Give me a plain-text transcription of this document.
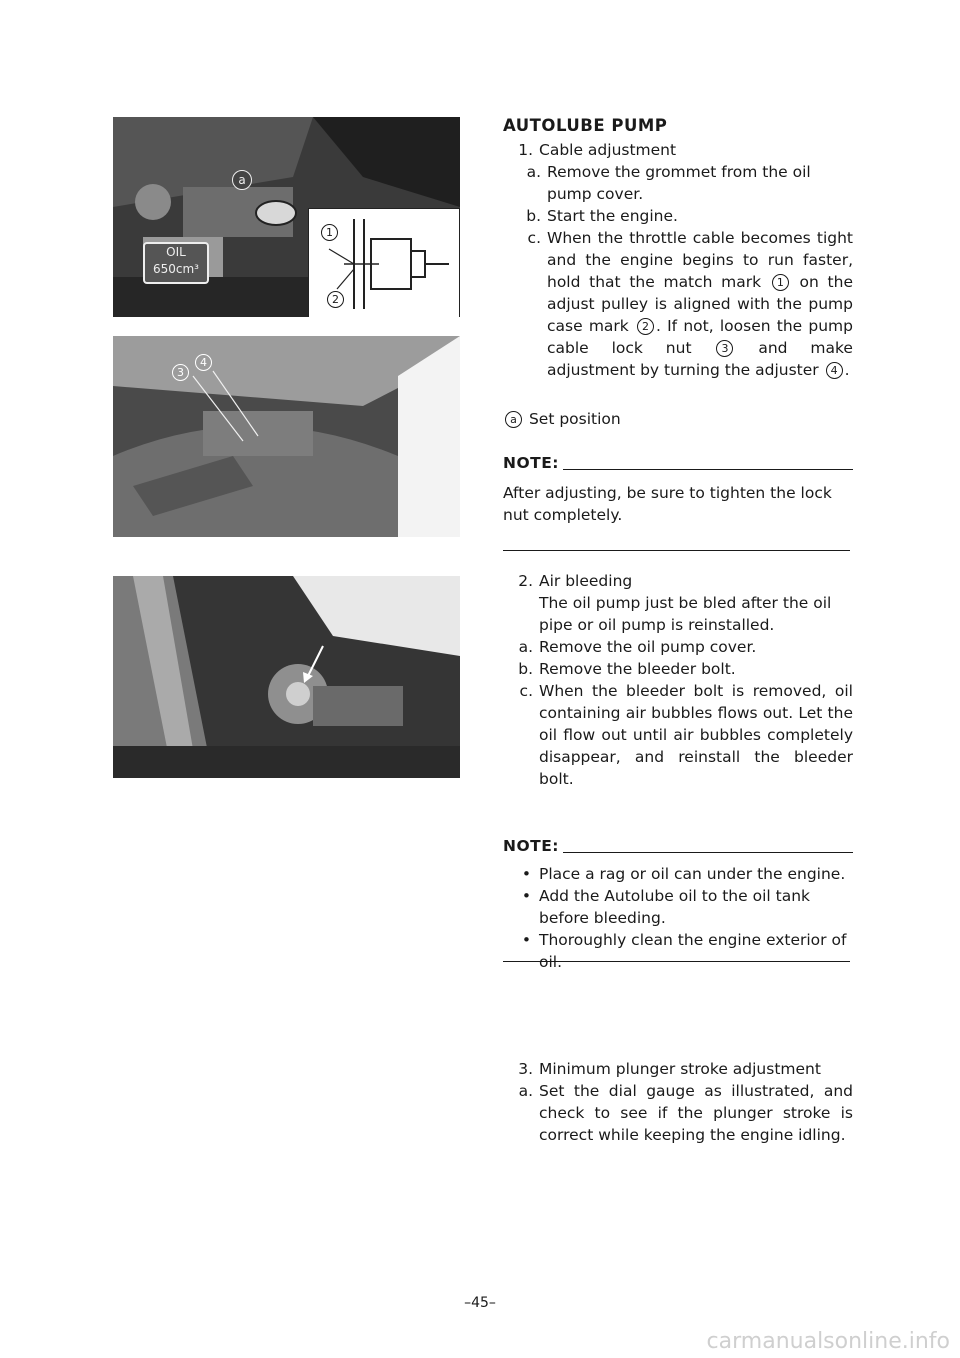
OIL
650cm³
a
1
2
3
4
AUTOLUBE PUMP
1. Cable adjustment
a. Remove the grommet from the oil pump cover.
b. Start the engine.
c. When the throttle cable becomes tight and the engine begins to run faster, hold that the match mark 1 on the adjust pulley is aligned with the pump case mark 2 . If not, loosen the pump cable lock nut	3 and make adjustment by turning the adjuster 4 .
a Set position
NOTE:
After adjusting, be sure to tighten the lock nut completely.
2. Air bleeding
The oil pump just be bled after the oil pipe or oil pump is reinstalled.
a. Remove the oil pump cover.
b. Remove the bleeder bolt.
c. When the bleeder bolt is removed, oil containing air bubbles flows out. Let the oil flow out until air bubbles completely disappear, and reinstall the bleeder bolt.
NOTE:
• Place a rag or oil can under the engine.
• Add the Autolube oil to the oil tank before bleeding.
• Thoroughly clean the engine exterior of oil.
3. Minimum plunger stroke adjustment
a. Set the dial gauge as illustrated, and check to see if the plunger stroke is correct while keeping the engine idling.
–45–
carmanualsonline.info
